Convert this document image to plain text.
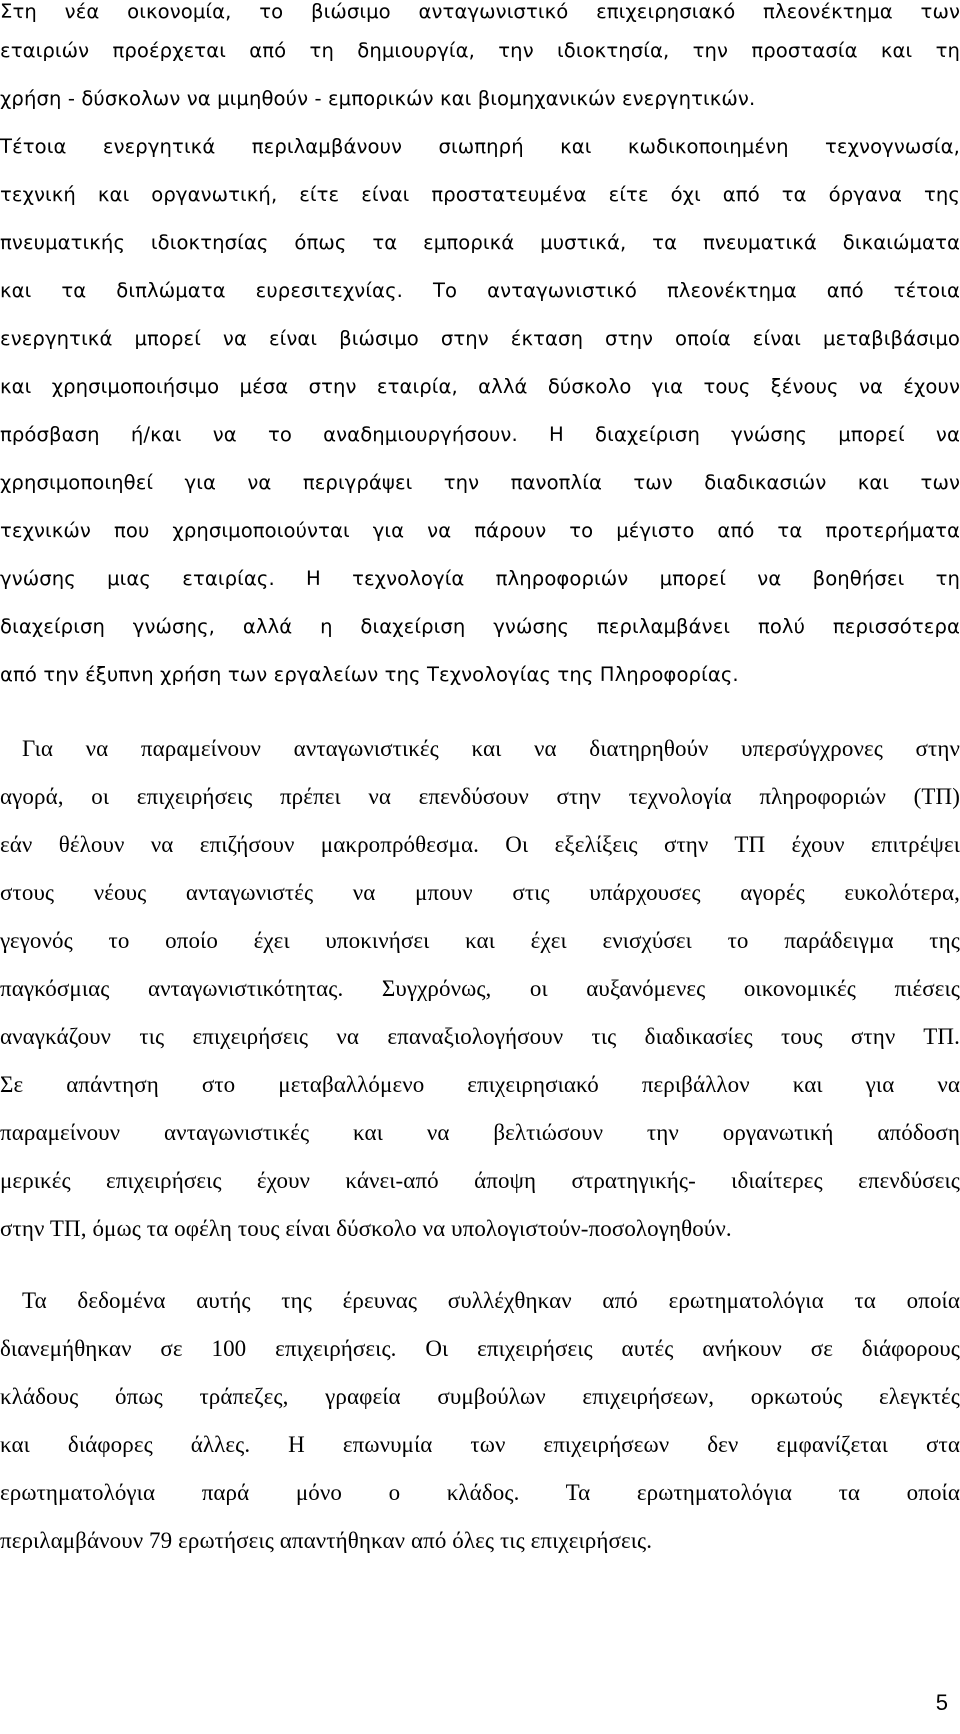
Στη νέα οικονομία, το βιώσιμο ανταγωνιστικό επιχειρησιακό πλεονέκτημα των
εταιριών προέρχεται από τη δημιουργία, την ιδιοκτησία, την προστασία και τη
χρήση - δύσκολων να μιμηθούν - εμπορικών και βιομηχανικών ενεργητικών.
Τέτοια ενεργητικά περιλαμβάνουν σιωπηρή και κωδικοποιημένη τεχνογνωσία,
τεχνική και οργανωτική, είτε είναι προστατευμένα είτε όχι από τα όργανα της
πνευματικής ιδιοκτησίας όπως τα εμπορικά μυστικά, τα πνευματικά δικαιώματα
και τα διπλώματα ευρεσιτεχνίας. Το ανταγωνιστικό πλεονέκτημα από τέτοια
ενεργητικά μπορεί να είναι βιώσιμο στην έκταση στην οποία είναι μεταβιβάσιμο
και χρησιμοποιήσιμο μέσα στην εταιρία, αλλά δύσκολο για τους ξένους να έχουν
πρόσβαση ή/και να το αναδημιουργήσουν. Η διαχείριση γνώσης μπορεί να
χρησιμοποιηθεί για να περιγράψει την πανοπλία των διαδικασιών και των
τεχνικών που χρησιμοποιούνται για να πάρουν το μέγιστο από τα προτερήματα
γνώσης μιας εταιρίας. Η τεχνολογία πληροφοριών μπορεί να βοηθήσει τη
διαχείριση γνώσης, αλλά η διαχείριση γνώσης περιλαμβάνει πολύ περισσότερα
από την έξυπνη χρήση των εργαλείων της Τεχνολογίας της Πληροφορίας.
Για να παραμείνουν ανταγωνιστικές και να διατηρηθούν υπερσύγχρονες στην
αγορά, οι επιχειρήσεις πρέπει να επενδύσουν στην τεχνολογία πληροφοριών (ΤΠ)
εάν θέλουν να επιζήσουν μακροπρόθεσμα. Οι εξελίξεις στην ΤΠ έχουν επιτρέψει
στους νέους ανταγωνιστές να μπουν στις υπάρχουσες αγορές ευκολότερα,
γεγονός το οποίο έχει υποκινήσει και έχει ενισχύσει το παράδειγμα της
παγκόσμιας ανταγωνιστικότητας. Συγχρόνως, οι αυξανόμενες οικονομικές πιέσεις
αναγκάζουν τις επιχειρήσεις να επαναξιολογήσουν τις διαδικασίες τους στην ΤΠ.
Σε απάντηση στο μεταβαλλόμενο επιχειρησιακό περιβάλλον και για να
παραμείνουν ανταγωνιστικές και να βελτιώσουν την οργανωτική απόδοση
μερικές επιχειρήσεις έχουν κάνει-από άποψη στρατηγικής- ιδιαίτερες επενδύσεις
στην ΤΠ, όμως τα οφέλη τους είναι δύσκολο να υπολογιστούν-ποσολογηθούν.
Τα δεδομένα αυτής της έρευνας συλλέχθηκαν από ερωτηματολόγια τα οποία
διανεμήθηκαν σε 100 επιχειρήσεις. Οι επιχειρήσεις αυτές ανήκουν σε διάφορους
κλάδους όπως τράπεζες, γραφεία συμβούλων επιχειρήσεων, ορκωτούς ελεγκτές
και διάφορες άλλες. Η επωνυμία των επιχειρήσεων δεν εμφανίζεται στα
ερωτηματολόγια παρά μόνο ο κλάδος. Τα ερωτηματολόγια τα οποία
περιλαμβάνουν 79 ερωτήσεις απαντήθηκαν από όλες τις επιχειρήσεις.
5
